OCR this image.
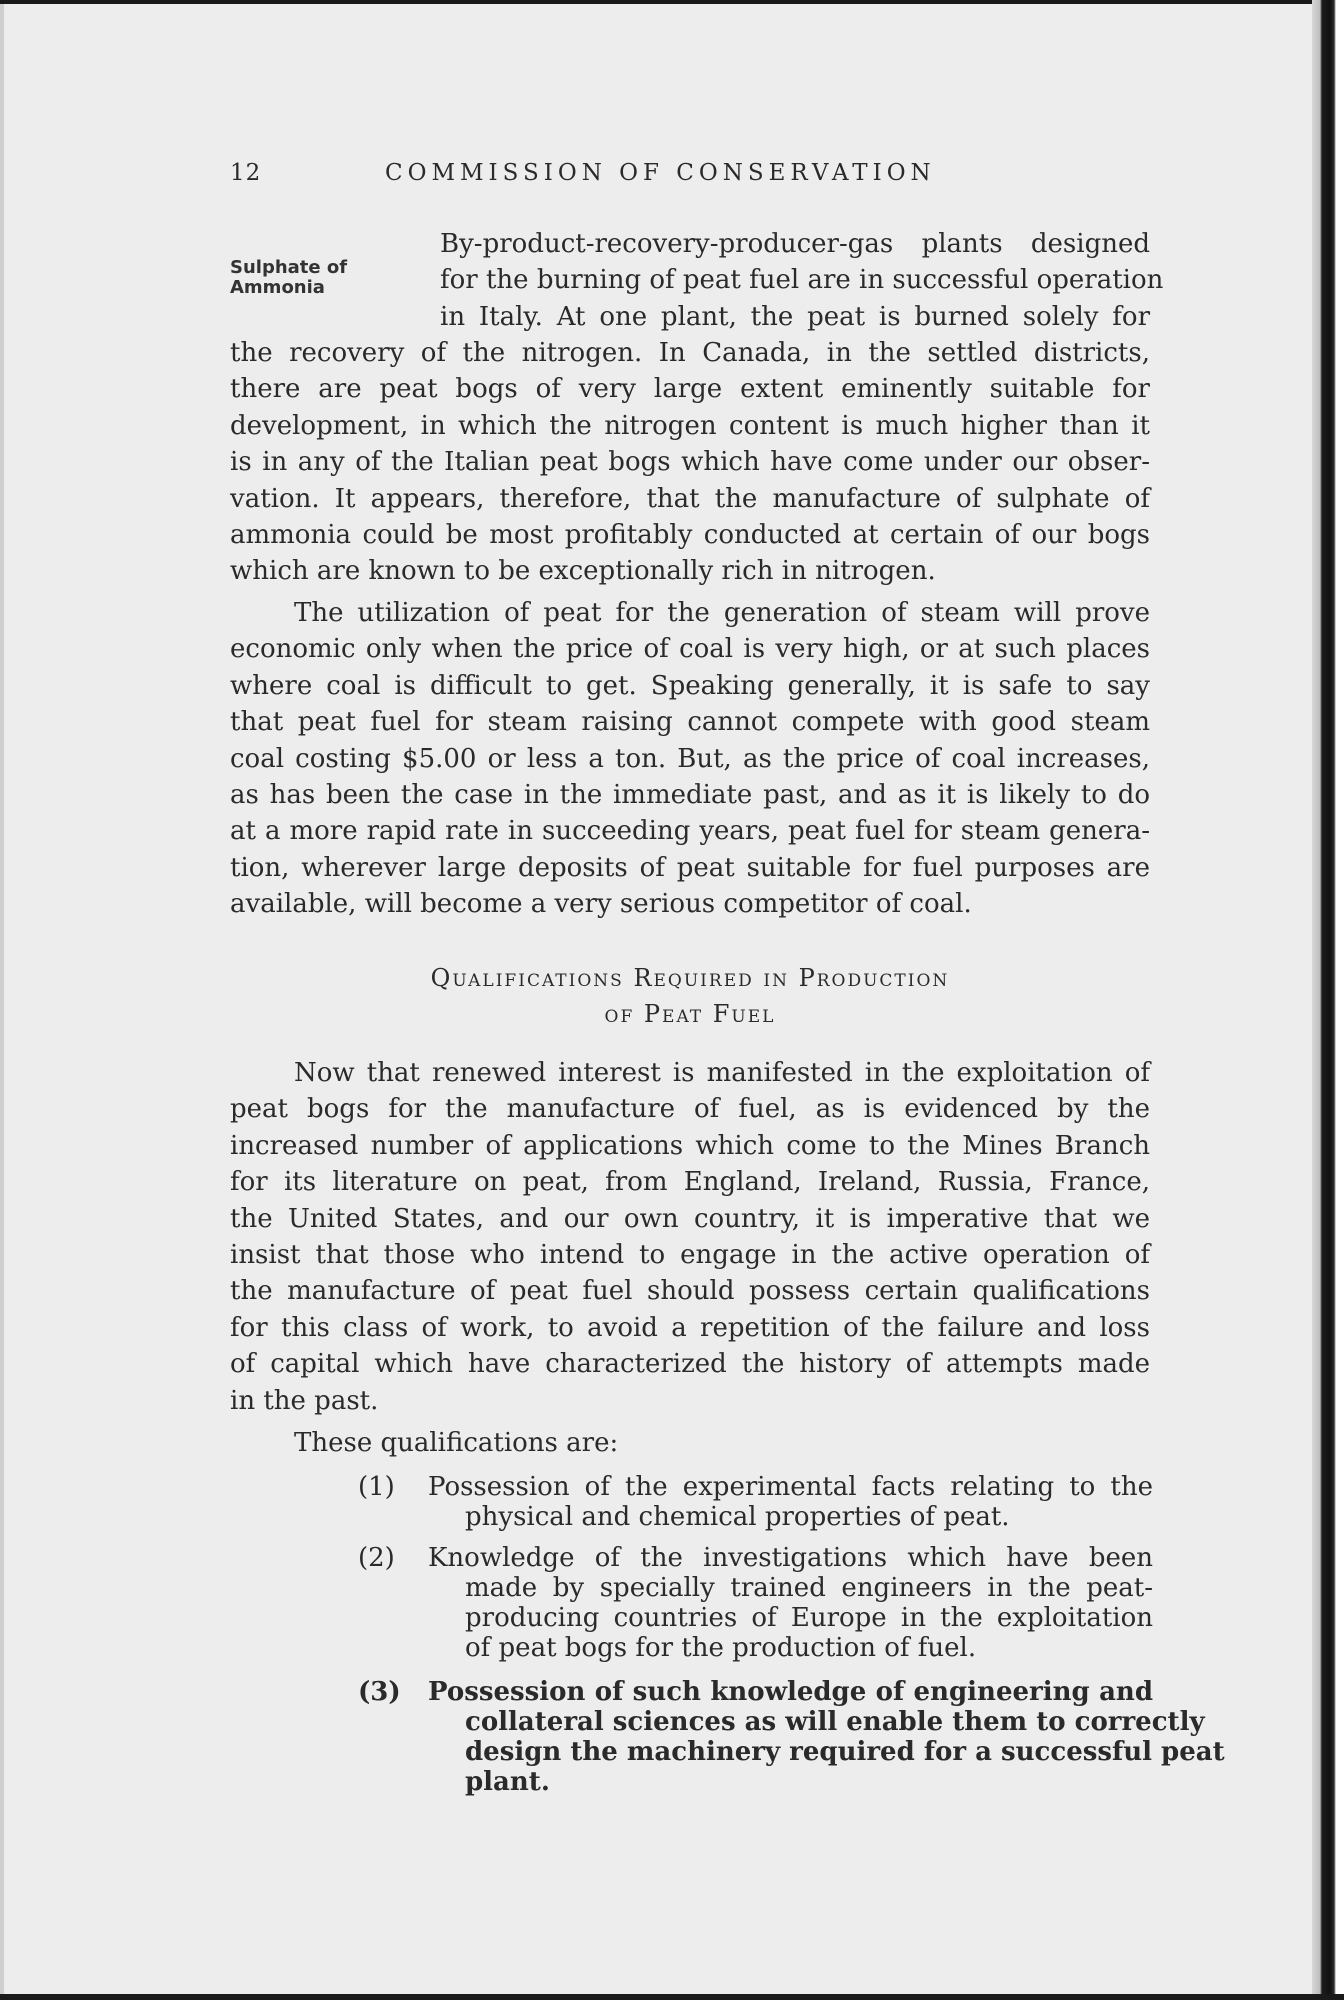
12	COMMISSION OF CONSERVATION
Sulphate of
Ammonia
By-product-recovery-producer-gas plants designed
for the burning of peat fuel are in successful operation
in Italy. At one plant, the peat is burned solely for
the recovery of the nitrogen. In Canada, in the settled districts,
there are peat bogs of very large extent eminently suitable for
development, in which the nitrogen content is much higher than it
is in any of the Italian peat bogs which have come under our obser-
vation. It appears, therefore, that the manufacture of sulphate of
ammonia could be most profitably conducted at certain of our bogs
which are known to be exceptionally rich in nitrogen.
The utilization of peat for the generation of steam will prove
economic only when the price of coal is very high, or at such places
where coal is difficult to get. Speaking generally, it is safe to say
that peat fuel for steam raising cannot compete with good steam
coal costing $5.00 or less a ton. But, as the price of coal increases,
as has been the case in the immediate past, and as it is likely to do
at a more rapid rate in succeeding years, peat fuel for steam genera-
tion, wherever large deposits of peat suitable for fuel purposes are
available, will become a very serious competitor of coal.
Qualifications Required in Production
of Peat Fuel
Now that renewed interest is manifested in the exploitation of
peat bogs for the manufacture of fuel, as is evidenced by the
increased number of applications which come to the Mines Branch
for its literature on peat, from England, Ireland, Russia, France,
the United States, and our own country, it is imperative that we
insist that those who intend to engage in the active operation of
the manufacture of peat fuel should possess certain qualifications
for this class of work, to avoid a repetition of the failure and loss
of capital which have characterized the history of attempts made
in the past.
These qualifications are:
(1) Possession of the experimental facts relating to the
physical and chemical properties of peat.
(2) Knowledge of the investigations which have been
made by specially trained engineers in the peat-
producing countries of Europe in the exploitation
of peat bogs for the production of fuel.
(3) Possession of such knowledge of engineering and
collateral sciences as will enable them to correctly
design the machinery required for a successful peat
plant.
